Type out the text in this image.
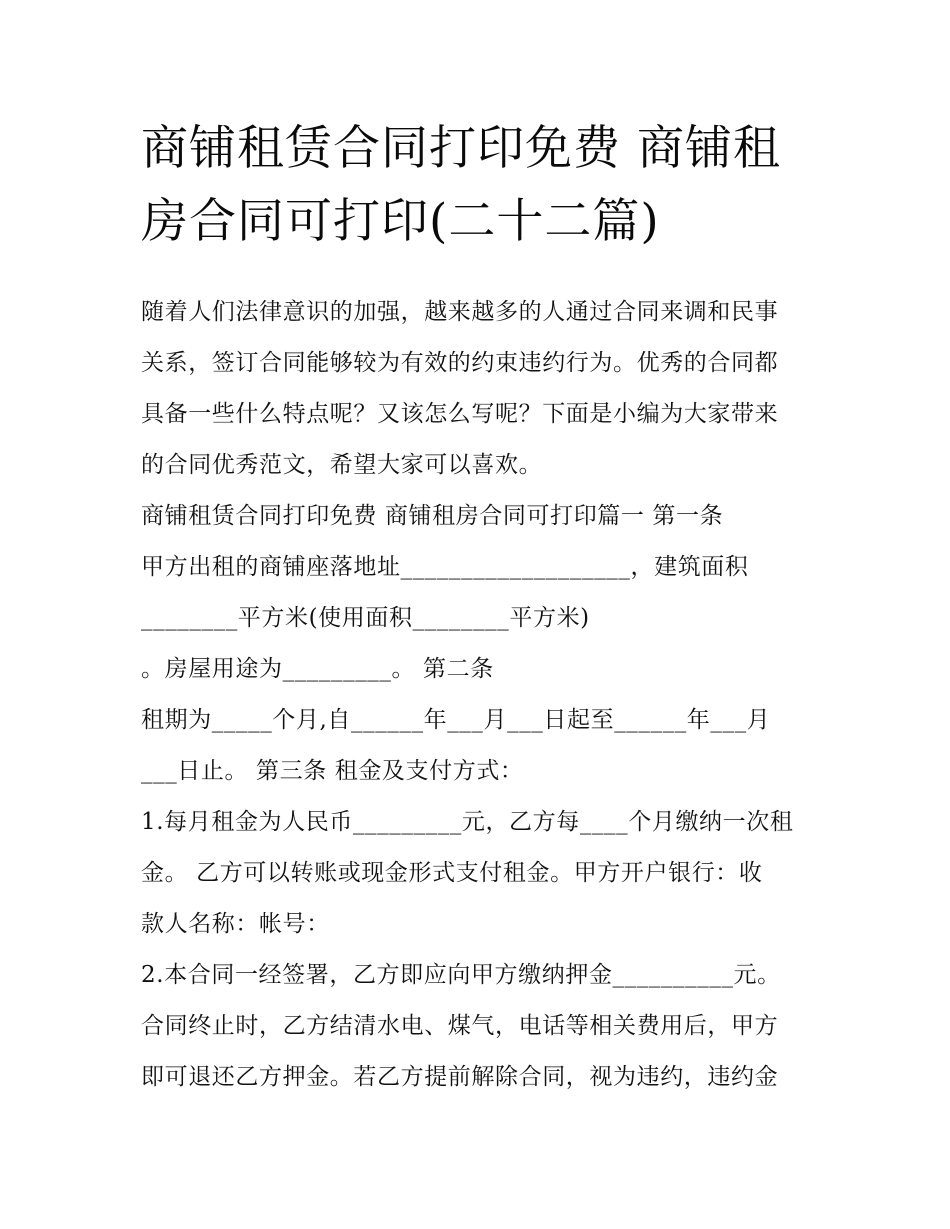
商铺租赁合同打印免费 商铺租
房合同可打印(二十二篇)
随着人们法律意识的加强，越来越多的人通过合同来调和民事
关系，签订合同能够较为有效的约束违约行为。优秀的合同都
具备一些什么特点呢？又该怎么写呢？下面是小编为大家带来
的合同优秀范文，希望大家可以喜欢。
商铺租赁合同打印免费 商铺租房合同可打印篇一 第一条
甲方出租的商铺座落地址___________________，建筑面积
________平方米(使用面积________平方米)
。房屋用途为_________。 第二条
租期为_____个月,自______年___月___日起至______年___月
___日止。 第三条 租金及支付方式：
1.每月租金为人民币_________元，乙方每____个月缴纳一次租
金。 乙方可以转账或现金形式支付租金。甲方开户银行：收
款人名称：帐号：
2.本合同一经签署，乙方即应向甲方缴纳押金__________元。
合同终止时，乙方结清水电、煤气，电话等相关费用后，甲方
即可退还乙方押金。若乙方提前解除合同，视为违约，违约金
